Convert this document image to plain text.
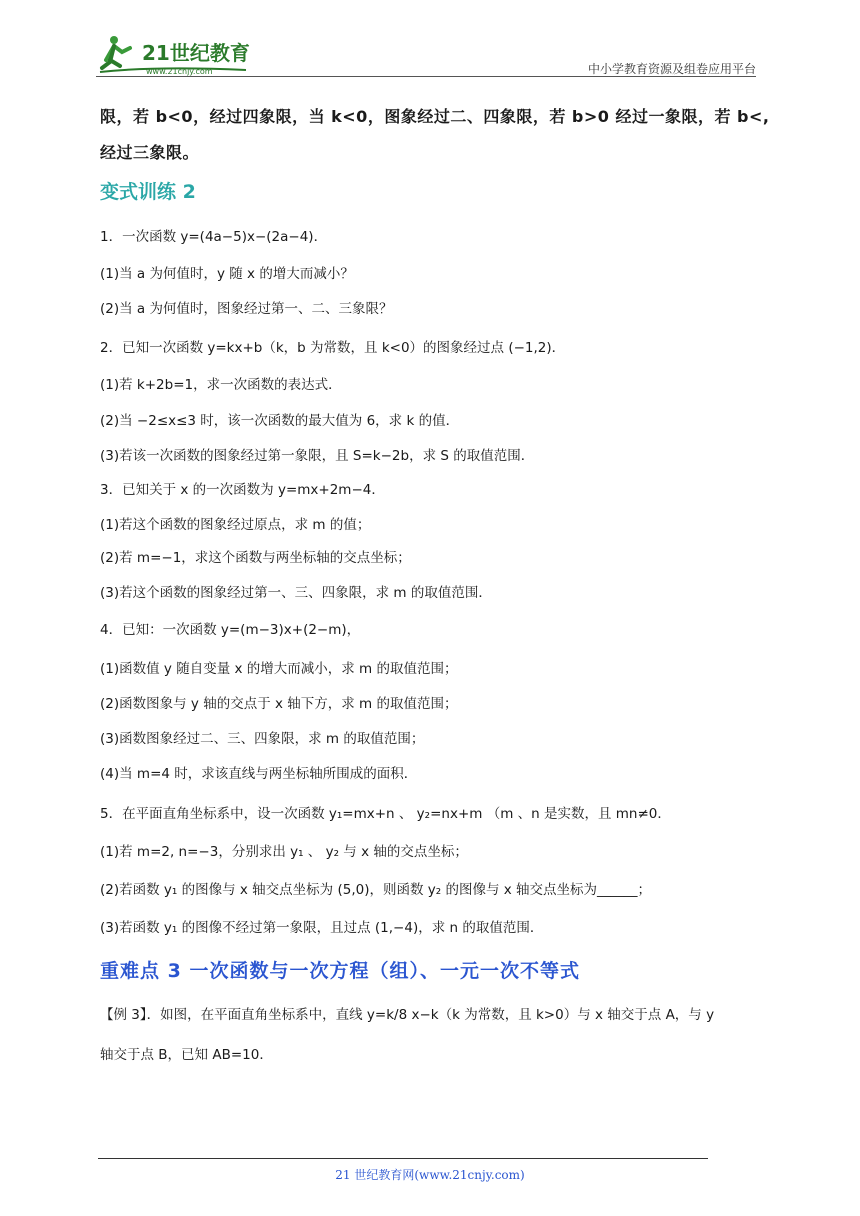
21世纪教育
www.21cnjy.com	中小学教育资源及组卷应用平台
限，若 b<0，经过四象限，当 k<0，图象经过二、四象限，若 b>0 经过一象限，若 b<,
经过三象限。
变式训练 2
1．一次函数 y=(4a−5)x−(2a−4)．
(1)当 a 为何值时，y 随 x 的增大而减小？
(2)当 a 为何值时，图象经过第一、二、三象限？
2．已知一次函数 y=kx+b（k，b 为常数，且 k<0）的图象经过点 (−1,2)．
(1)若 k+2b=1，求一次函数的表达式．
(2)当 −2≤x≤3 时，该一次函数的最大值为 6，求 k 的值．
(3)若该一次函数的图象经过第一象限，且 S=k−2b，求 S 的取值范围．
3．已知关于 x 的一次函数为 y=mx+2m−4．
(1)若这个函数的图象经过原点，求 m 的值；
(2)若 m=−1，求这个函数与两坐标轴的交点坐标；
(3)若这个函数的图象经过第一、三、四象限，求 m 的取值范围．
4．已知：一次函数 y=(m−3)x+(2−m)，
(1)函数值 y 随自变量 x 的增大而减小，求 m 的取值范围；
(2)函数图象与 y 轴的交点于 x 轴下方，求 m 的取值范围；
(3)函数图象经过二、三、四象限，求 m 的取值范围；
(4)当 m=4 时，求该直线与两坐标轴所围成的面积．
5．在平面直角坐标系中，设一次函数 y₁=mx+n 、 y₂=nx+m （m 、n 是实数，且 mn≠0．
(1)若 m=2, n=−3，分别求出 y₁ 、 y₂ 与 x 轴的交点坐标；
(2)若函数 y₁ 的图像与 x 轴交点坐标为 (5,0)，则函数 y₂ 的图像与 x 轴交点坐标为______；
(3)若函数 y₁ 的图像不经过第一象限，且过点 (1,−4)，求 n 的取值范围．
重难点 3 一次函数与一次方程（组）、一元一次不等式
【例 3】．如图，在平面直角坐标系中，直线 y=k/8 x−k（k 为常数，且 k>0）与 x 轴交于点 A，与 y
轴交于点 B，已知 AB=10．
21 世纪教育网(www.21cnjy.com)
